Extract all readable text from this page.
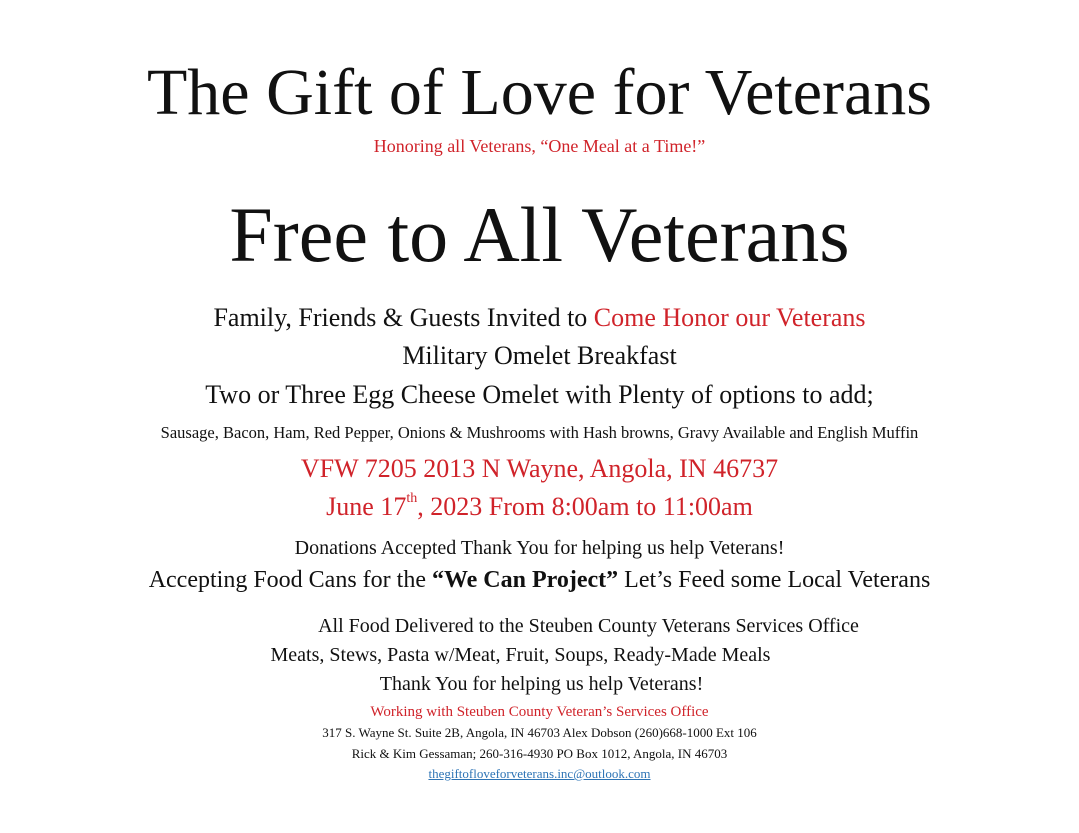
The Gift of Love for Veterans
Honoring all Veterans, “One Meal at a Time!”
Free to All Veterans
Family, Friends & Guests Invited to Come Honor our Veterans
Military Omelet Breakfast
Two or Three Egg Cheese Omelet with Plenty of options to add;
Sausage, Bacon, Ham, Red Pepper, Onions & Mushrooms with Hash browns, Gravy Available and English Muffin
VFW 7205 2013 N Wayne, Angola, IN 46737
June 17th, 2023 From 8:00am to 11:00am
Donations Accepted Thank You for helping us help Veterans!
Accepting Food Cans for the “We Can Project” Let’s Feed some Local Veterans
All Food Delivered to the Steuben County Veterans Services Office
Meats, Stews, Pasta w/Meat, Fruit, Soups, Ready-Made Meals
Thank You for helping us help Veterans!
Working with Steuben County Veteran’s Services Office
317 S. Wayne St. Suite 2B, Angola, IN 46703 Alex Dobson (260)668-1000 Ext 106
Rick & Kim Gessaman; 260-316-4930 PO Box 1012, Angola, IN 46703
thegiftofloveforveterans.inc@outlook.com
